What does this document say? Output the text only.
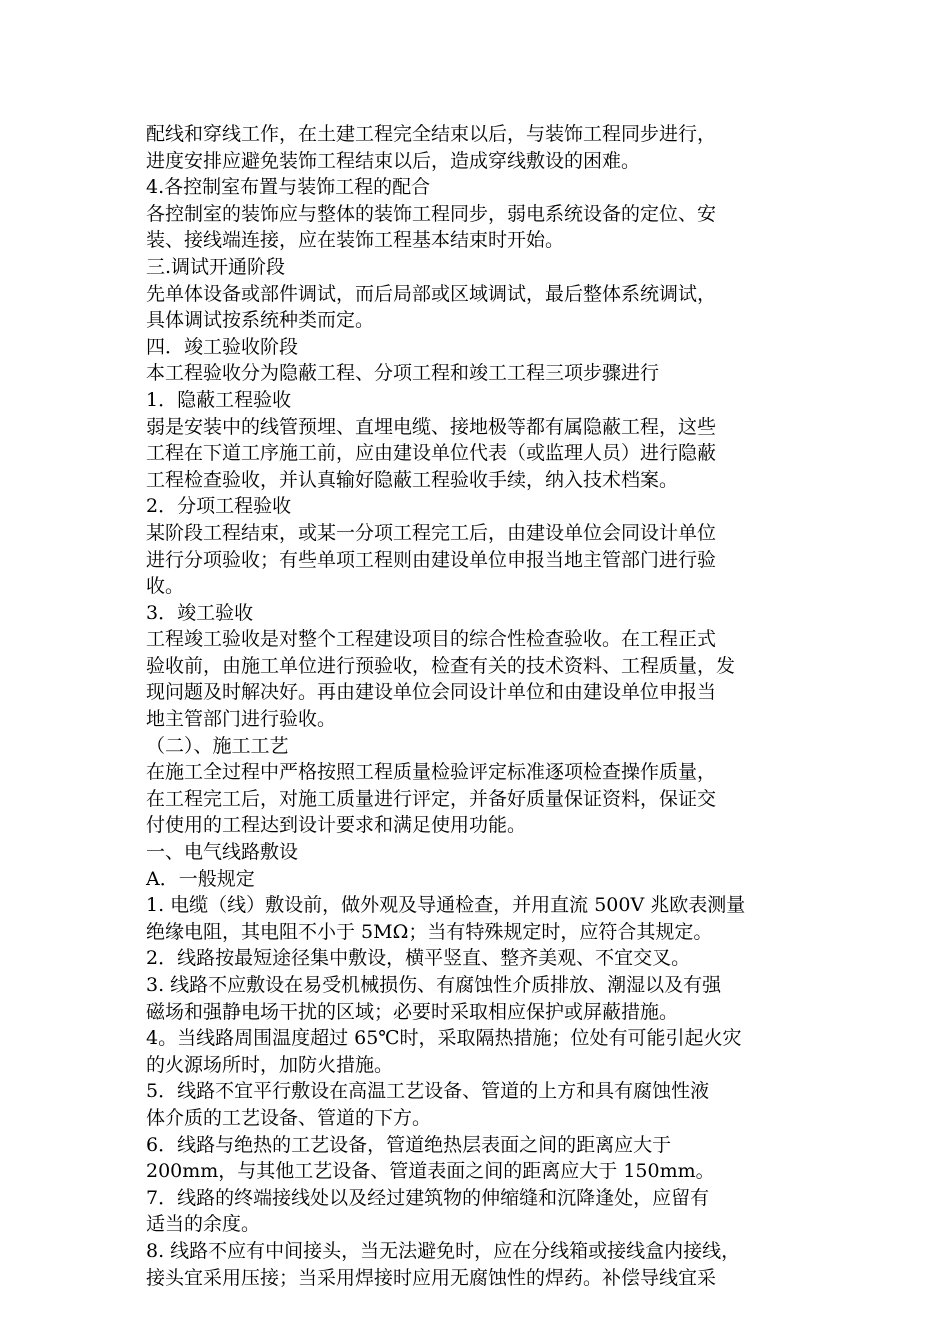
配线和穿线工作，在土建工程完全结束以后，与装饰工程同步进行，
进度安排应避免装饰工程结束以后，造成穿线敷设的困难。
4.各控制室布置与装饰工程的配合
各控制室的装饰应与整体的装饰工程同步，弱电系统设备的定位、安
装、接线端连接，应在装饰工程基本结束时开始。
三.调试开通阶段
先单体设备或部件调试，而后局部或区域调试，最后整体系统调试，
具体调试按系统种类而定。
四．竣工验收阶段
本工程验收分为隐蔽工程、分项工程和竣工工程三项步骤进行
1．隐蔽工程验收
弱是安装中的线管预埋、直埋电缆、接地极等都有属隐蔽工程，这些
工程在下道工序施工前，应由建设单位代表（或监理人员）进行隐蔽
工程检查验收，并认真输好隐蔽工程验收手续，纳入技术档案。
2．分项工程验收
某阶段工程结束，或某一分项工程完工后，由建设单位会同设计单位
进行分项验收；有些单项工程则由建设单位申报当地主管部门进行验
收。
3．竣工验收
工程竣工验收是对整个工程建设项目的综合性检查验收。在工程正式
验收前，由施工单位进行预验收，检查有关的技术资料、工程质量，发
现问题及时解决好。再由建设单位会同设计单位和由建设单位申报当
地主管部门进行验收。
（二）、施工工艺
在施工全过程中严格按照工程质量检验评定标准逐项检查操作质量，
在工程完工后，对施工质量进行评定，并备好质量保证资料，保证交
付使用的工程达到设计要求和满足使用功能。
一、电气线路敷设
A．一般规定
1. 电缆（线）敷设前，做外观及导通检查，并用直流 500V 兆欧表测量
绝缘电阻，其电阻不小于 5MΩ；当有特殊规定时，应符合其规定。
2．线路按最短途径集中敷设，横平竖直、整齐美观、不宜交叉。
3. 线路不应敷设在易受机械损伤、有腐蚀性介质排放、潮湿以及有强
磁场和强静电场干扰的区域；必要时采取相应保护或屏蔽措施。
4。当线路周围温度超过 65℃时，采取隔热措施；位处有可能引起火灾
的火源场所时，加防火措施。
5．线路不宜平行敷设在高温工艺设备、管道的上方和具有腐蚀性液
体介质的工艺设备、管道的下方。
6．线路与绝热的工艺设备，管道绝热层表面之间的距离应大于
200mm，与其他工艺设备、管道表面之间的距离应大于 150mm。
7．线路的终端接线处以及经过建筑物的伸缩缝和沉降逢处，应留有
适当的余度。
8. 线路不应有中间接头，当无法避免时，应在分线箱或接线盒内接线，
接头宜采用压接；当采用焊接时应用无腐蚀性的焊药。补偿导线宜采
